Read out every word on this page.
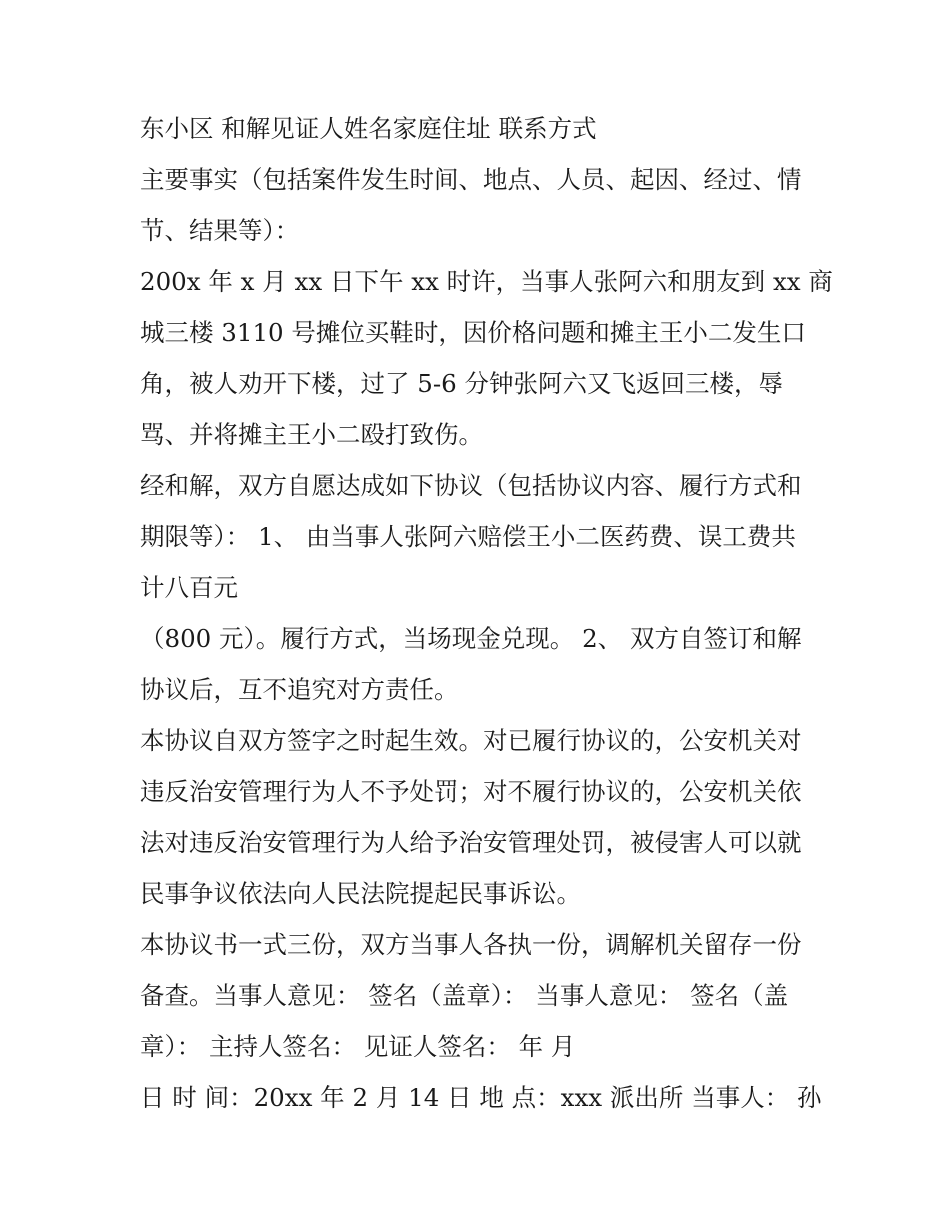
东小区 和解见证人姓名家庭住址 联系方式
主要事实（包括案件发生时间、地点、人员、起因、经过、情
节、结果等）：
200x 年 x 月 xx 日下午 xx 时许，当事人张阿六和朋友到 xx 商
城三楼 3110 号摊位买鞋时，因价格问题和摊主王小二发生口
角，被人劝开下楼，过了 5-6 分钟张阿六又飞返回三楼，辱
骂、并将摊主王小二殴打致伤。
经和解，双方自愿达成如下协议（包括协议内容、履行方式和
期限等）： 1、 由当事人张阿六赔偿王小二医药费、误工费共
计八百元
（800 元）。履行方式，当场现金兑现。 2、 双方自签订和解
协议后，互不追究对方责任。
本协议自双方签字之时起生效。对已履行协议的，公安机关对
违反治安管理行为人不予处罚；对不履行协议的，公安机关依
法对违反治安管理行为人给予治安管理处罚，被侵害人可以就
民事争议依法向人民法院提起民事诉讼。
本协议书一式三份，双方当事人各执一份，调解机关留存一份
备查。当事人意见： 签名（盖章）： 当事人意见： 签名（盖
章）： 主持人签名： 见证人签名： 年 月
日 时 间：20xx 年 2 月 14 日 地 点：xxx 派出所 当事人： 孙
